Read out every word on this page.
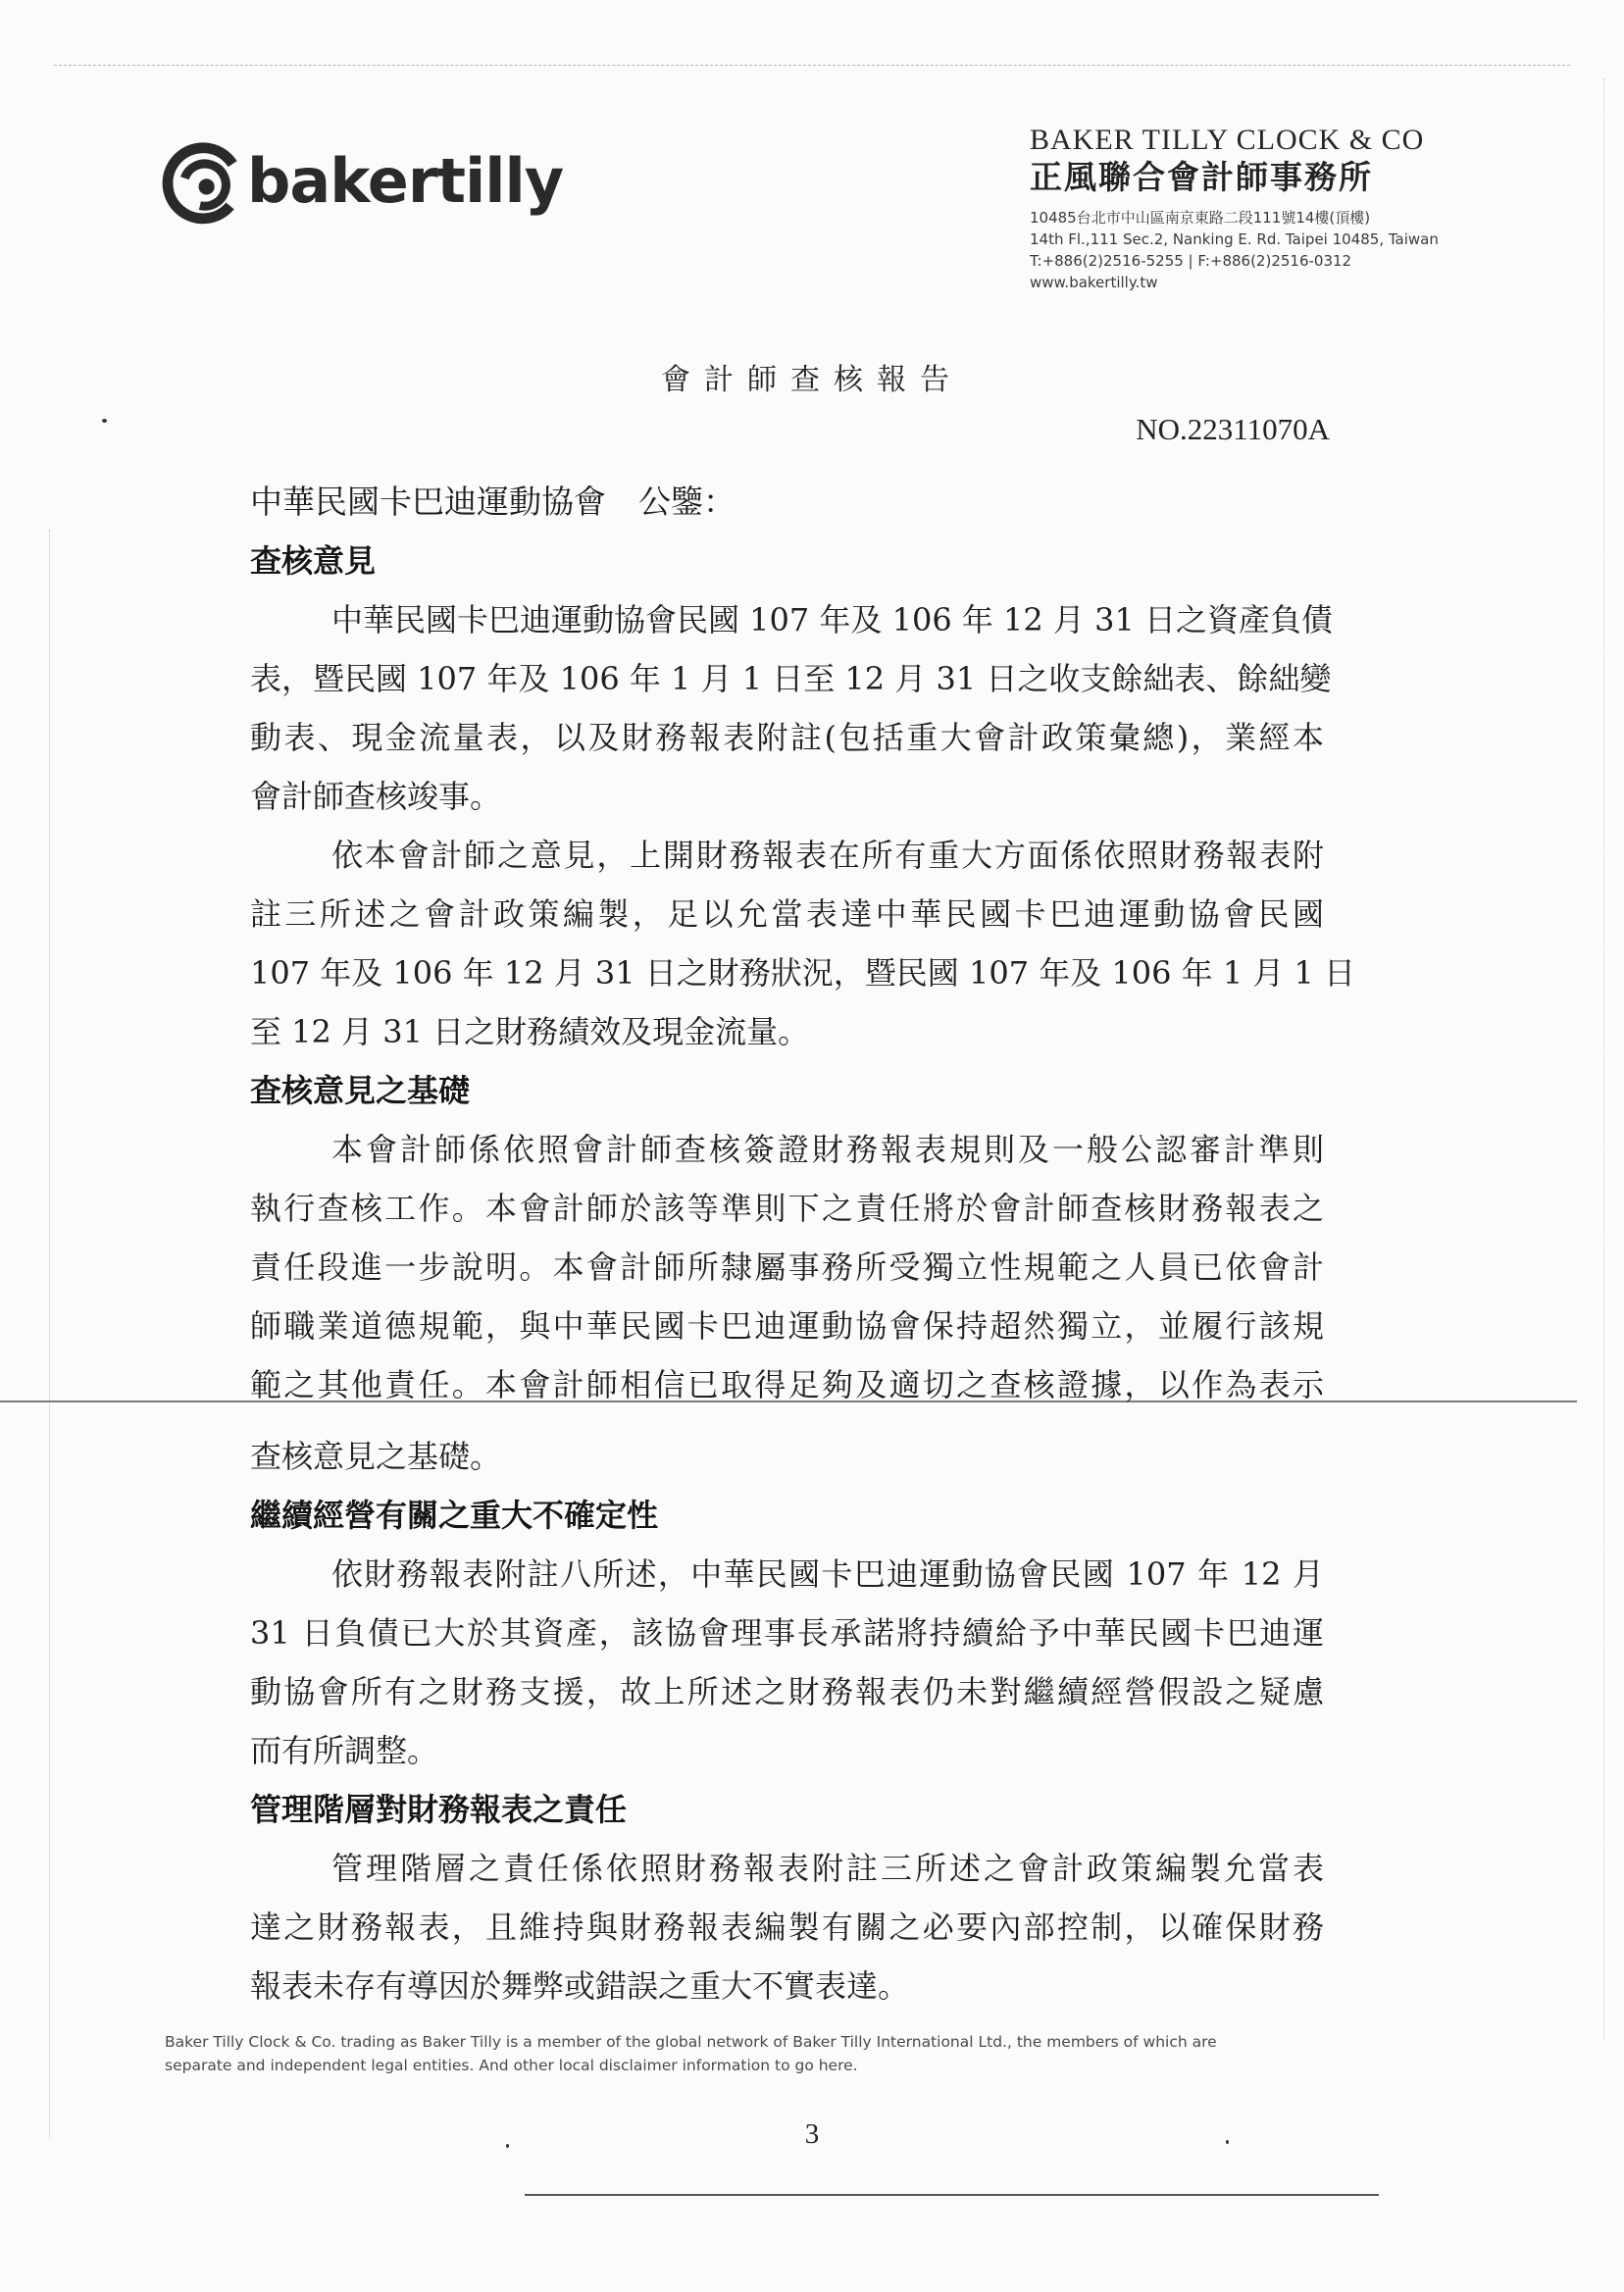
bakertilly
BAKER TILLY CLOCK & CO
正風聯合會計師事務所
10485台北市中山區南京東路二段111號14樓(頂樓)
14th Fl.,111 Sec.2, Nanking E. Rd. Taipei 10485, Taiwan
T:+886(2)2516-5255 | F:+886(2)2516-0312
www.bakertilly.tw
會計師查核報告
NO.22311070A
中華民國卡巴迪運動協會　公鑒：
查核意見
中華民國卡巴迪運動協會民國 107 年及 106 年 12 月 31 日之資產負債
表，暨民國 107 年及 106 年 1 月 1 日至 12 月 31 日之收支餘絀表、餘絀變
動表、現金流量表，以及財務報表附註(包括重大會計政策彙總)，業經本
會計師查核竣事。
依本會計師之意見，上開財務報表在所有重大方面係依照財務報表附
註三所述之會計政策編製，足以允當表達中華民國卡巴迪運動協會民國
107 年及 106 年 12 月 31 日之財務狀況，暨民國 107 年及 106 年 1 月 1 日
至 12 月 31 日之財務績效及現金流量。
查核意見之基礎
本會計師係依照會計師查核簽證財務報表規則及一般公認審計準則
執行查核工作。本會計師於該等準則下之責任將於會計師查核財務報表之
責任段進一步說明。本會計師所隸屬事務所受獨立性規範之人員已依會計
師職業道德規範，與中華民國卡巴迪運動協會保持超然獨立，並履行該規
範之其他責任。本會計師相信已取得足夠及適切之查核證據，以作為表示
查核意見之基礎。
繼續經營有關之重大不確定性
依財務報表附註八所述，中華民國卡巴迪運動協會民國 107 年 12 月
31 日負債已大於其資產，該協會理事長承諾將持續給予中華民國卡巴迪運
動協會所有之財務支援，故上所述之財務報表仍未對繼續經營假設之疑慮
而有所調整。
管理階層對財務報表之責任
管理階層之責任係依照財務報表附註三所述之會計政策編製允當表
達之財務報表，且維持與財務報表編製有關之必要內部控制，以確保財務
報表未存有導因於舞弊或錯誤之重大不實表達。
Baker Tilly Clock & Co. trading as Baker Tilly is a member of the global network of Baker Tilly International Ltd., the members of which are
separate and independent legal entities. And other local disclaimer information to go here.
3
